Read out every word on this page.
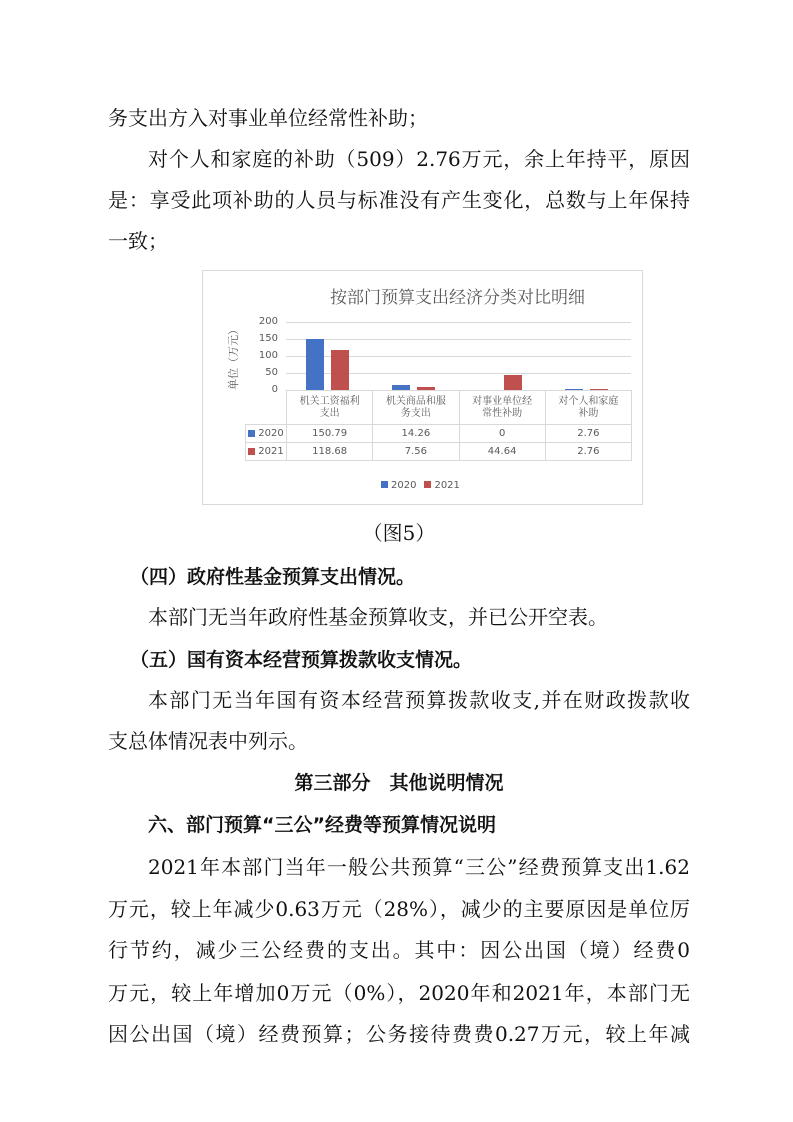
务支出方入对事业单位经常性补助；
对个人和家庭的补助（509）2.76万元，余上年持平，原因
是：享受此项补助的人员与标准没有产生变化，总数与上年保持
一致；
按部门预算支出经济分类对比明细
单位（万元）
200
150
100
50
0
机关工资福利
支出
150.79
118.68
机关商品和服
务支出
14.26
7.56
对事业单位经
常性补助
0
44.64
对个人和家庭
补助
2.76
2.76
2020
2021
2020	2021
（图5）
（四）政府性基金预算支出情况。
本部门无当年政府性基金预算收支，并已公开空表。
（五）国有资本经营预算拨款收支情况。
本部门无当年国有资本经营预算拨款收支,并在财政拨款收
支总体情况表中列示。
第三部分　其他说明情况
六、部门预算“三公”经费等预算情况说明
2021年本部门当年一般公共预算“三公”经费预算支出1.62
万元，较上年减少0.63万元（28%），减少的主要原因是单位厉
行节约，减少三公经费的支出。其中：因公出国（境）经费0
万元，较上年增加0万元（0%），2020年和2021年，本部门无
因公出国（境）经费预算；公务接待费费0.27万元，较上年减
